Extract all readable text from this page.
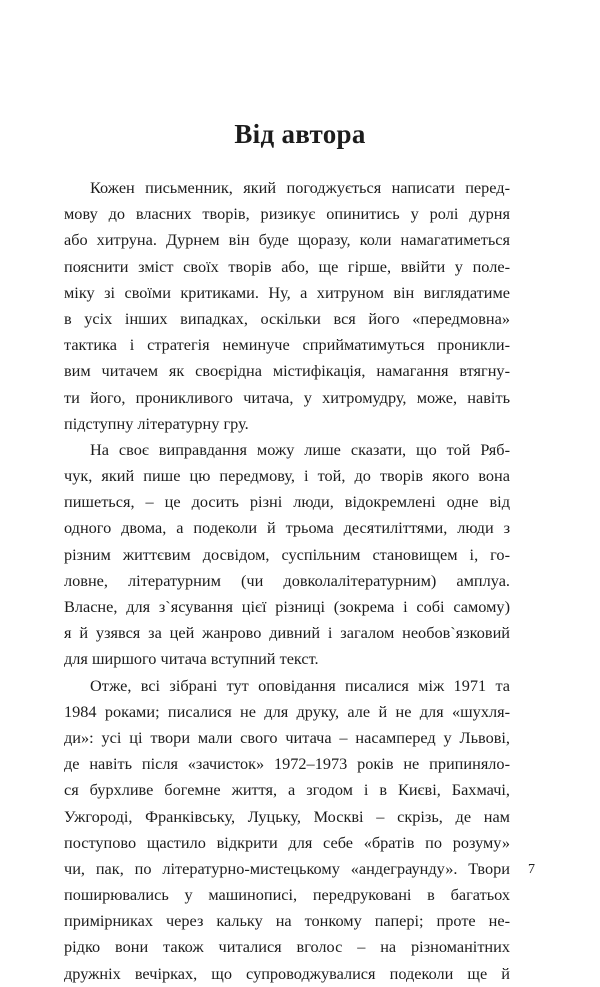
Від автора
Кожен письменник, який погоджується написати перед-
мову до власних творів, ризикує опинитись у ролі дурня
або хитруна. Дурнем він буде щоразу, коли намагатиметься
пояснити зміст своїх творів або, ще гірше, ввійти у поле-
міку зі своїми критиками. Ну, а хитруном він виглядатиме
в усіх інших випадках, оскільки вся його «передмовна»
тактика і стратегія неминуче сприйматимуться проникли-
вим читачем як своєрідна містифікація, намагання втягну-
ти його, проникливого читача, у хитромудру, може, навіть
підступну літературну гру.
На своє виправдання можу лише сказати, що той Ряб-
чук, який пише цю передмову, і той, до творів якого вона
пишеться, – це досить різні люди, відокремлені одне від
одного двома, а подеколи й трьома десятиліттями, люди з
різним життєвим досвідом, суспільним становищем і, го-
ловне, літературним (чи довколалітературним) амплуа.
Власне, для з`ясування цієї різниці (зокрема і собі самому)
я й узявся за цей жанрово дивний і загалом необов`язковий
для ширшого читача вступний текст.
Отже, всі зібрані тут оповідання писалися між 1971 та
1984 роками; писалися не для друку, але й не для «шухля-
ди»: усі ці твори мали свого читача – насамперед у Львові,
де навіть після «зачисток» 1972–1973 років не припиняло-
ся бурхливе богемне життя, а згодом і в Києві, Бахмачі,
Ужгороді, Франківську, Луцьку, Москві – скрізь, де нам
поступово щастило відкрити для себе «братів по розуму»
чи, пак, по літературно-мистецькому «андеграунду». Твори
поширювались у машинописі, передруковані в багатьох
примірниках через кальку на тонкому папері; проте не-
рідко вони також читалися вголос – на різноманітних
дружніх вечірках, що супроводжувалися подеколи ще й
7
